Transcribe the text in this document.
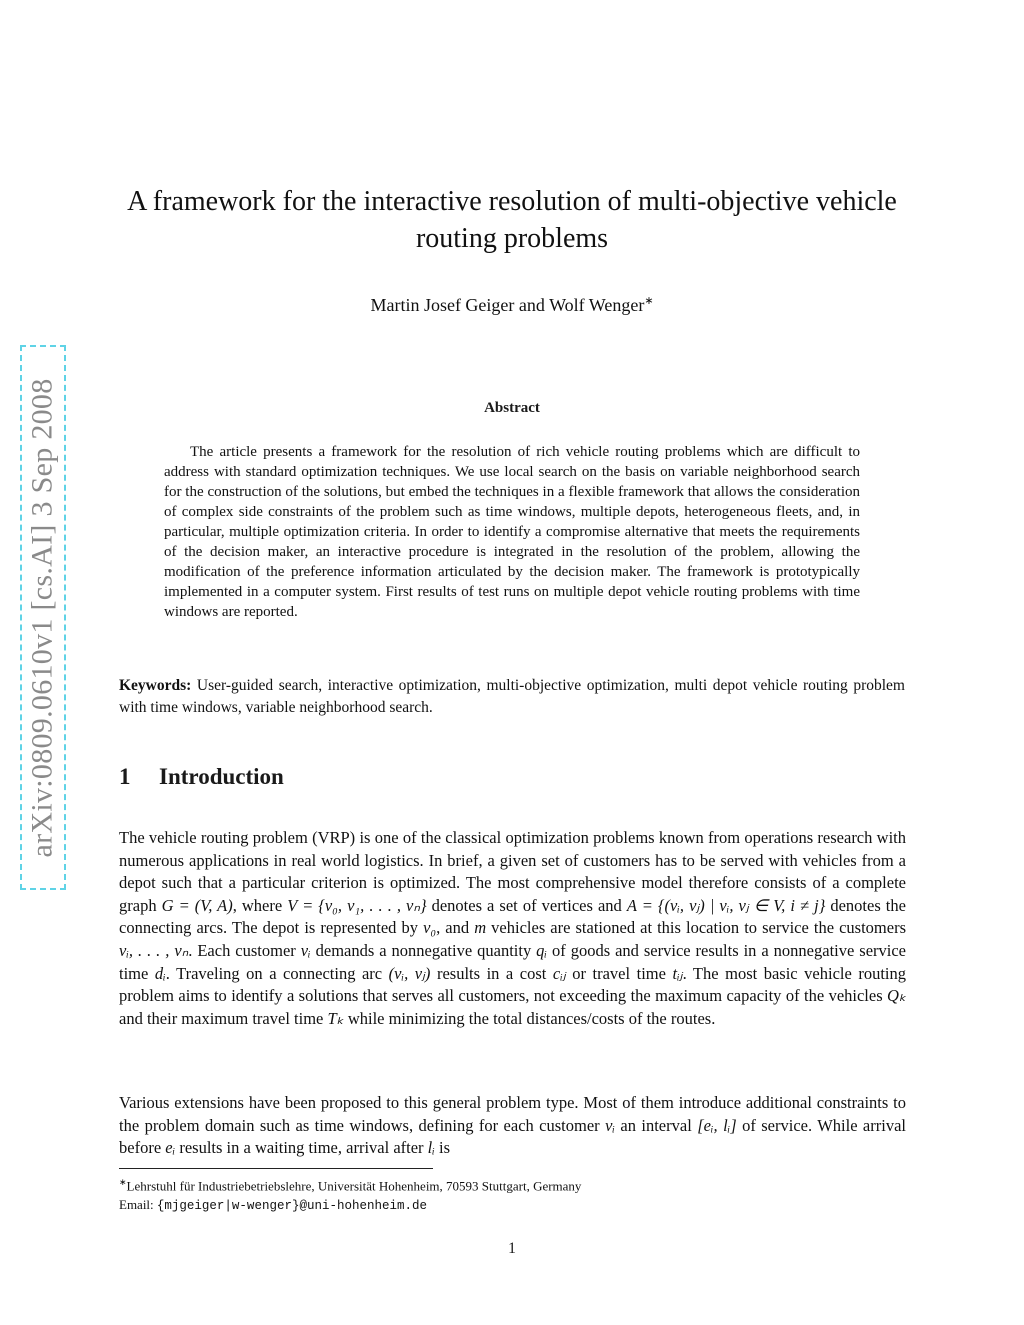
arXiv:0809.0610v1 [cs.AI] 3 Sep 2008
A framework for the interactive resolution of multi-objective vehicle routing problems
Martin Josef Geiger and Wolf Wenger∗
Abstract
The article presents a framework for the resolution of rich vehicle routing problems which are difficult to address with standard optimization techniques. We use local search on the basis on variable neighborhood search for the construction of the solutions, but embed the techniques in a flexible framework that allows the consideration of complex side constraints of the problem such as time windows, multiple depots, heterogeneous fleets, and, in particular, multiple optimization criteria. In order to identify a compromise alternative that meets the requirements of the decision maker, an interactive procedure is integrated in the resolution of the problem, allowing the modification of the preference information articulated by the decision maker. The framework is prototypically implemented in a computer system. First results of test runs on multiple depot vehicle routing problems with time windows are reported.
Keywords: User-guided search, interactive optimization, multi-objective optimization, multi depot vehicle routing problem with time windows, variable neighborhood search.
1 Introduction
The vehicle routing problem (VRP) is one of the classical optimization problems known from operations research with numerous applications in real world logistics. In brief, a given set of customers has to be served with vehicles from a depot such that a particular criterion is optimized. The most comprehensive model therefore consists of a complete graph G = (V, A), where V = {v₀, v₁, . . . , vₙ} denotes a set of vertices and A = {(vᵢ, vⱼ) | vᵢ, vⱼ ∈ V, i ≠ j} denotes the connecting arcs. The depot is represented by v₀, and m vehicles are stationed at this location to service the customers vᵢ, . . . , vₙ. Each customer vᵢ demands a nonnegative quantity qᵢ of goods and service results in a nonnegative service time dᵢ. Traveling on a connecting arc (vᵢ, vⱼ) results in a cost cᵢⱼ or travel time tᵢⱼ. The most basic vehicle routing problem aims to identify a solutions that serves all customers, not exceeding the maximum capacity of the vehicles Qₖ and their maximum travel time Tₖ while minimizing the total distances/costs of the routes.
Various extensions have been proposed to this general problem type. Most of them introduce additional constraints to the problem domain such as time windows, defining for each customer vᵢ an interval [eᵢ, lᵢ] of service. While arrival before eᵢ results in a waiting time, arrival after lᵢ is
∗Lehrstuhl für Industriebetriebslehre, Universität Hohenheim, 70593 Stuttgart, Germany
Email: {mjgeiger|w-wenger}@uni-hohenheim.de
1
